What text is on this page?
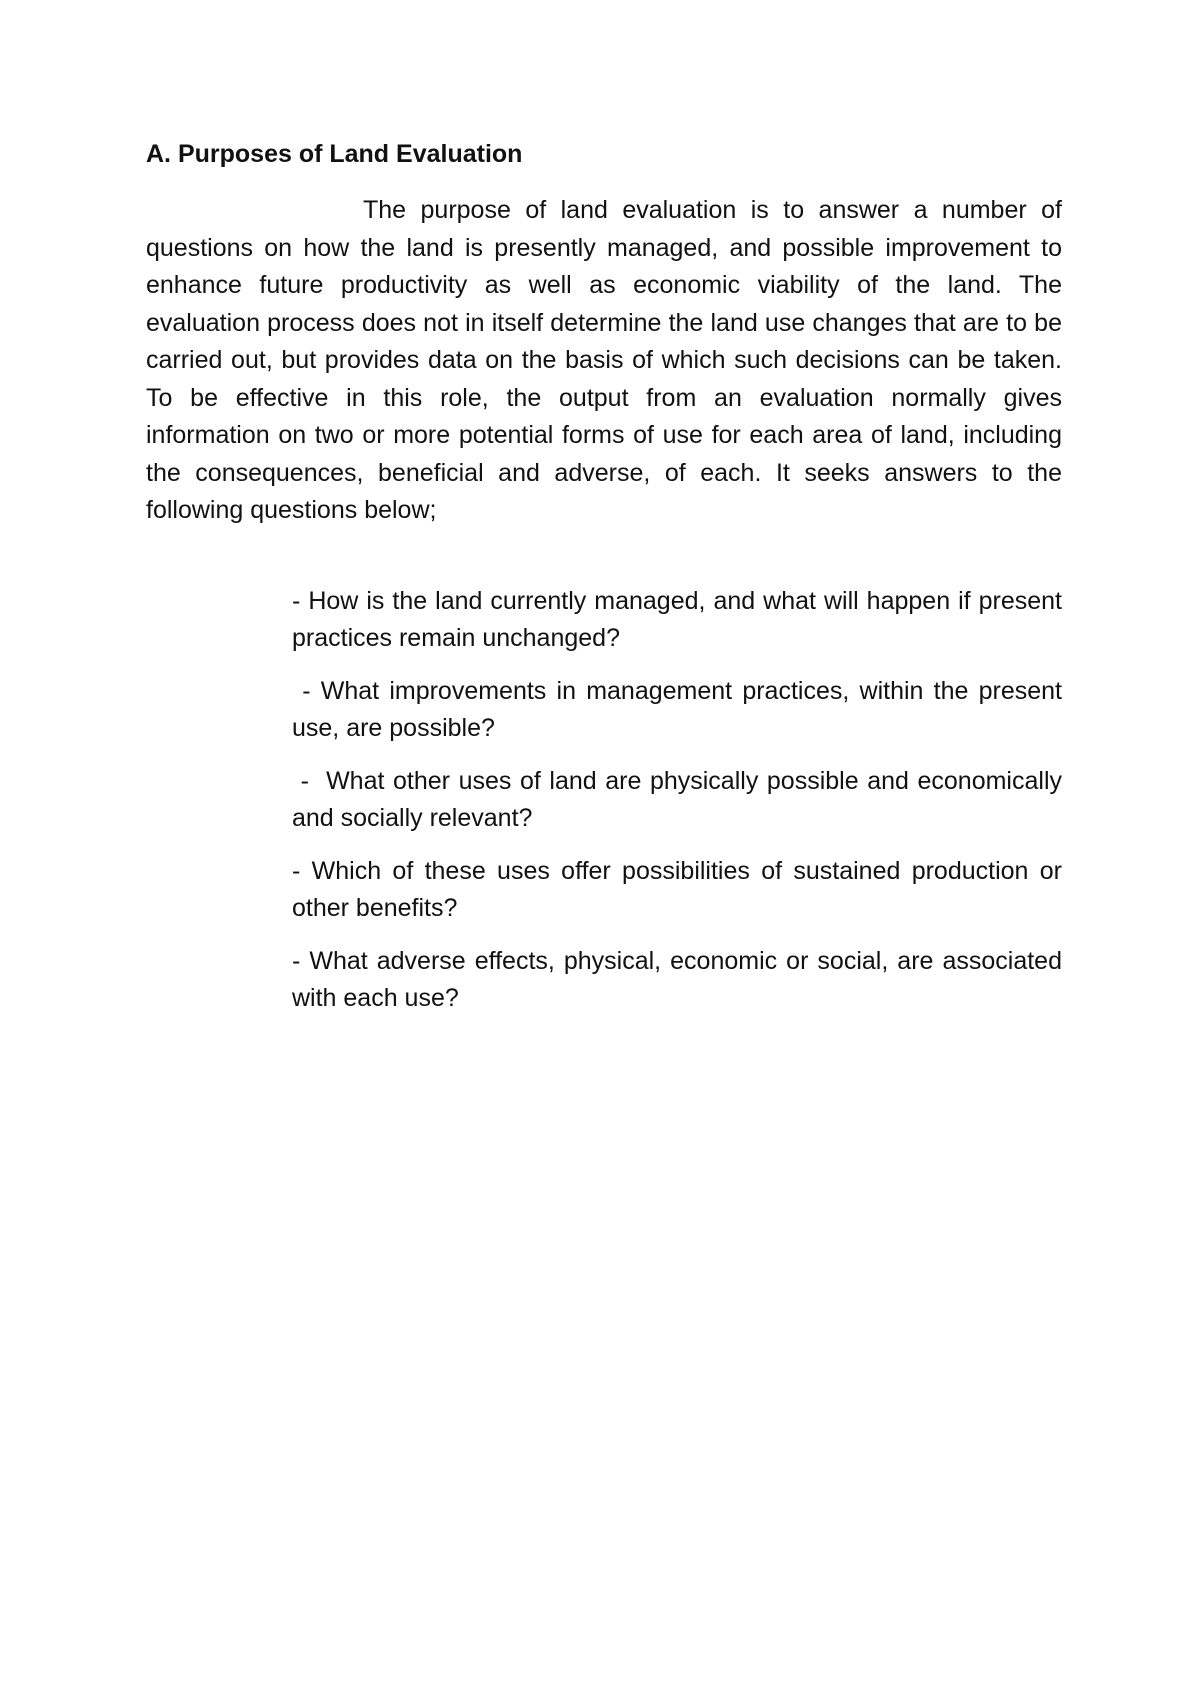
A. Purposes of Land Evaluation

The purpose of land evaluation is to answer a number of questions on how the land is presently managed, and possible improvement to enhance future productivity as well as economic viability of the land. The evaluation process does not in itself determine the land use changes that are to be carried out, but provides data on the basis of which such decisions can be taken. To be effective in this role, the output from an evaluation normally gives information on two or more potential forms of use for each area of land, including the consequences, beneficial and adverse, of each. It seeks answers to the following questions below;

- How is the land currently managed, and what will happen if present practices remain unchanged?
- What improvements in management practices, within the present use, are possible?
-  What other uses of land are physically possible and economically and socially relevant?
- Which of these uses offer possibilities of sustained production or other benefits?
- What adverse effects, physical, economic or social, are associated with each use?
